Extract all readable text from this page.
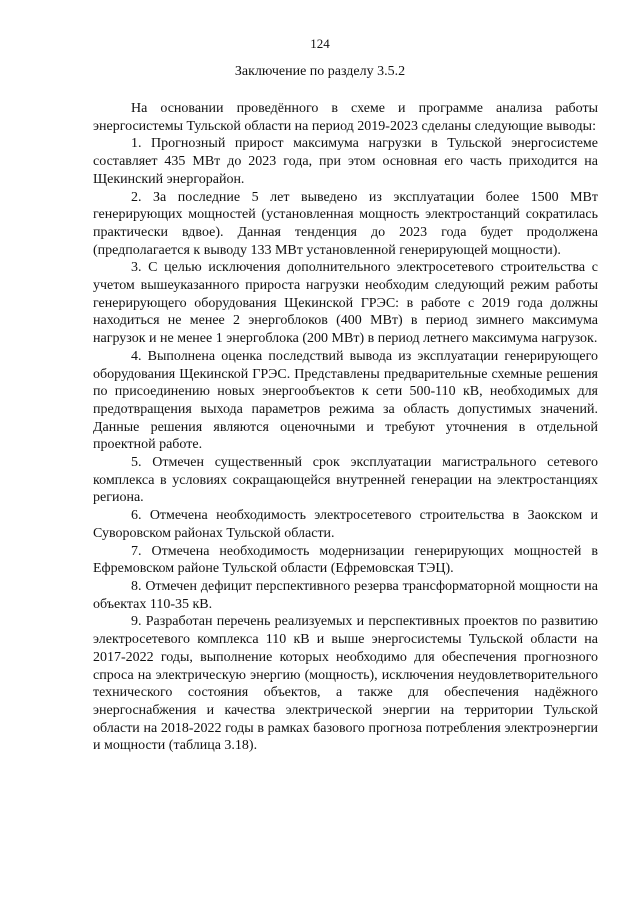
124
Заключение по разделу 3.5.2

На основании проведённого в схеме и программе анализа работы энергосистемы Тульской области на период 2019-2023 сделаны следующие выводы:

1. Прогнозный прирост максимума нагрузки в Тульской энергосистеме составляет 435 МВт до 2023 года, при этом основная его часть приходится на Щекинский энергорайон.

2. За последние 5 лет выведено из эксплуатации более 1500 МВт генерирующих мощностей (установленная мощность электростанций сократилась практически вдвое). Данная тенденция до 2023 года будет продолжена (предполагается к выводу 133 МВт установленной генерирующей мощности).

3. С целью исключения дополнительного электросетевого строительства с учетом вышеуказанного прироста нагрузки необходим следующий режим работы генерирующего оборудования Щекинской ГРЭС: в работе с 2019 года должны находиться не менее 2 энергоблоков (400 МВт) в период зимнего максимума нагрузок и не менее 1 энергоблока (200 МВт) в период летнего максимума нагрузок.

4. Выполнена оценка последствий вывода из эксплуатации генерирующего оборудования Щекинской ГРЭС. Представлены предварительные схемные решения по присоединению новых энергообъектов к сети 500-110 кВ, необходимых для предотвращения выхода параметров режима за область допустимых значений. Данные решения являются оценочными и требуют уточнения в отдельной проектной работе.

5. Отмечен существенный срок эксплуатации магистрального сетевого комплекса в условиях сокращающейся внутренней генерации на электростанциях региона.

6. Отмечена необходимость электросетевого строительства в Заокском и Суворовском районах Тульской области.

7. Отмечена необходимость модернизации генерирующих мощностей в Ефремовском районе Тульской области (Ефремовская ТЭЦ).

8. Отмечен дефицит перспективного резерва трансформаторной мощности на объектах 110-35 кВ.

9. Разработан перечень реализуемых и перспективных проектов по развитию электросетевого комплекса 110 кВ и выше энергосистемы Тульской области на 2017-2022 годы, выполнение которых необходимо для обеспечения прогнозного спроса на электрическую энергию (мощность), исключения неудовлетворительного технического состояния объектов, а также для обеспечения надёжного энергоснабжения и качества электрической энергии на территории Тульской области на 2018-2022 годы в рамках базового прогноза потребления электроэнергии и мощности (таблица 3.18).
